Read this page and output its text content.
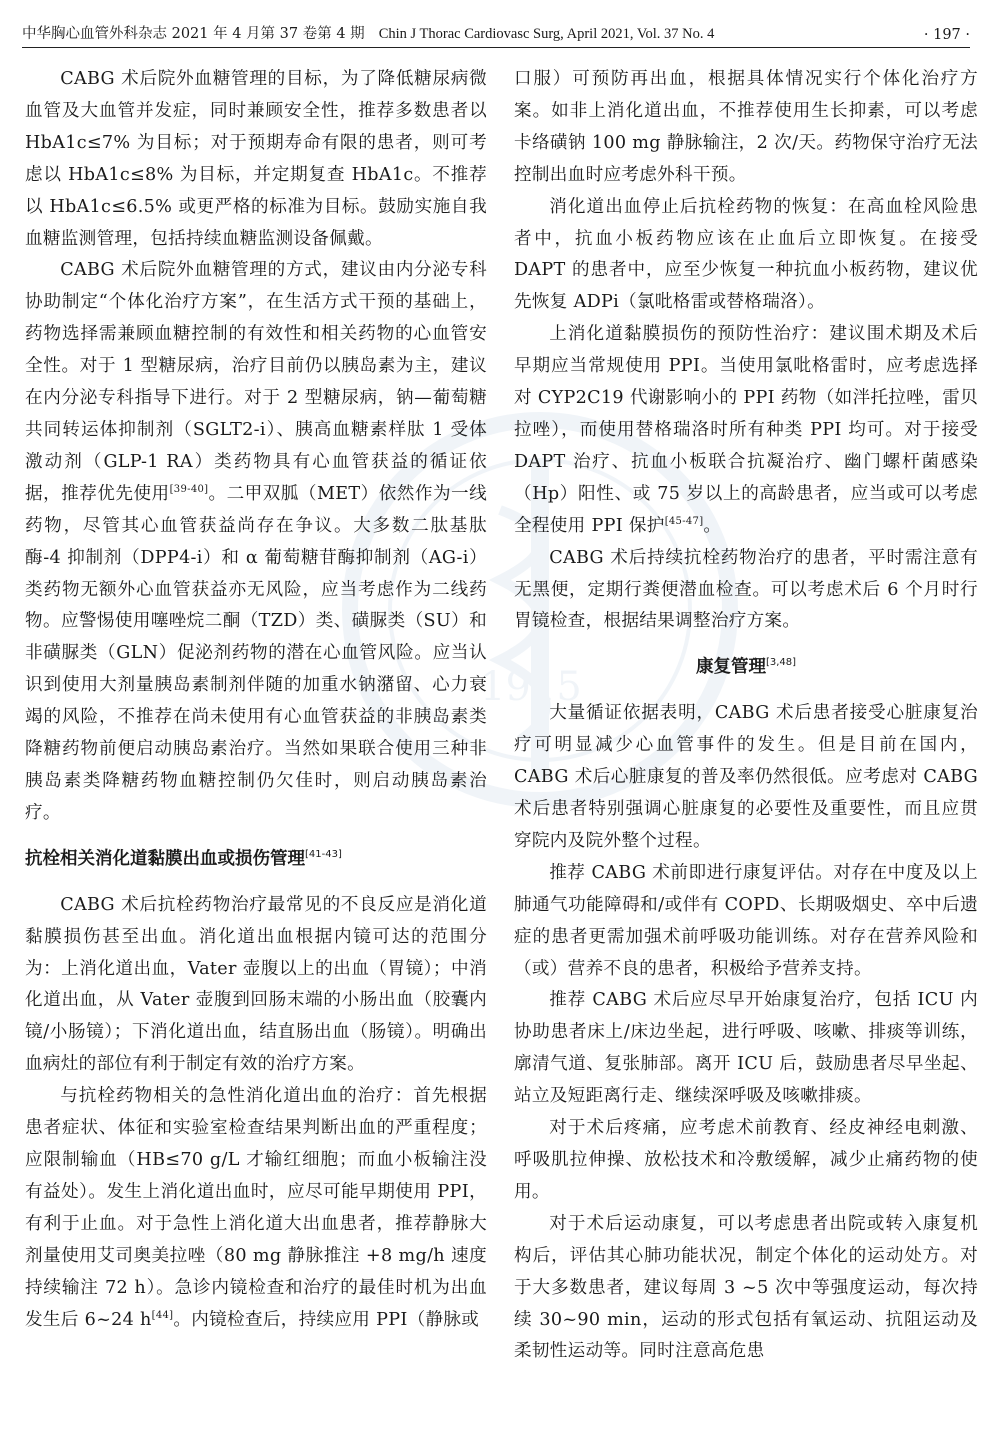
中华胸心血管外科杂志 2021 年 4 月第 37 卷第 4 期 Chin J Thorac Cardiovasc Surg, April 2021, Vol. 37 No. 4	· 197 ·
1915

CABG 术后院外血糖管理的目标，为了降低糖尿病微血管及大血管并发症，同时兼顾安全性，推荐多数患者以 HbA1c≤7% 为目标；对于预期寿命有限的患者，则可考虑以 HbA1c≤8% 为目标，并定期复查 HbA1c。不推荐以 HbA1c≤6.5% 或更严格的标准为目标。鼓励实施自我血糖监测管理，包括持续血糖监测设备佩戴。

CABG 术后院外血糖管理的方式，建议由内分泌专科协助制定“个体化治疗方案”，在生活方式干预的基础上，药物选择需兼顾血糖控制的有效性和相关药物的心血管安全性。对于 1 型糖尿病，治疗目前仍以胰岛素为主，建议在内分泌专科指导下进行。对于 2 型糖尿病，钠—葡萄糖共同转运体抑制剂（SGLT2-i）、胰高血糖素样肽 1 受体激动剂（GLP-1 RA）类药物具有心血管获益的循证依据，推荐优先使用[39-40]。二甲双胍（MET）依然作为一线药物，尽管其心血管获益尚存在争议。大多数二肽基肽酶-4 抑制剂（DPP4-i）和 α 葡萄糖苷酶抑制剂（AG-i）类药物无额外心血管获益亦无风险，应当考虑作为二线药物。应警惕使用噻唑烷二酮（TZD）类、磺脲类（SU）和非磺脲类（GLN）促泌剂药物的潜在心血管风险。应当认识到使用大剂量胰岛素制剂伴随的加重水钠潴留、心力衰竭的风险，不推荐在尚未使用有心血管获益的非胰岛素类降糖药物前便启动胰岛素治疗。当然如果联合使用三种非胰岛素类降糖药物血糖控制仍欠佳时，则启动胰岛素治疗。

抗栓相关消化道黏膜出血或损伤管理[41-43]

CABG 术后抗栓药物治疗最常见的不良反应是消化道黏膜损伤甚至出血。消化道出血根据内镜可达的范围分为：上消化道出血，Vater 壶腹以上的出血（胃镜）；中消化道出血，从 Vater 壶腹到回肠末端的小肠出血（胶囊内镜/小肠镜）；下消化道出血，结直肠出血（肠镜）。明确出血病灶的部位有利于制定有效的治疗方案。

与抗栓药物相关的急性消化道出血的治疗：首先根据患者症状、体征和实验室检查结果判断出血的严重程度；应限制输血（HB≤70 g/L 才输红细胞；而血小板输注没有益处）。发生上消化道出血时，应尽可能早期使用 PPI，有利于止血。对于急性上消化道大出血患者，推荐静脉大剂量使用艾司奥美拉唑（80 mg 静脉推注 +8 mg/h 速度持续输注 72 h）。急诊内镜检查和治疗的最佳时机为出血发生后 6~24 h[44]。内镜检查后，持续应用 PPI（静脉或

口服）可预防再出血，根据具体情况实行个体化治疗方案。如非上消化道出血，不推荐使用生长抑素，可以考虑卡络磺钠 100 mg 静脉输注，2 次/天。药物保守治疗无法控制出血时应考虑外科干预。

消化道出血停止后抗栓药物的恢复：在高血栓风险患者中，抗血小板药物应该在止血后立即恢复。在接受 DAPT 的患者中，应至少恢复一种抗血小板药物，建议优先恢复 ADPi（氯吡格雷或替格瑞洛）。

上消化道黏膜损伤的预防性治疗：建议围术期及术后早期应当常规使用 PPI。当使用氯吡格雷时，应考虑选择对 CYP2C19 代谢影响小的 PPI 药物（如泮托拉唑，雷贝拉唑），而使用替格瑞洛时所有种类 PPI 均可。对于接受 DAPT 治疗、抗血小板联合抗凝治疗、幽门螺杆菌感染（Hp）阳性、或 75 岁以上的高龄患者，应当或可以考虑全程使用 PPI 保护[45-47]。

CABG 术后持续抗栓药物治疗的患者，平时需注意有无黑便，定期行粪便潜血检查。可以考虑术后 6 个月时行胃镜检查，根据结果调整治疗方案。

康复管理[3,48]

大量循证依据表明，CABG 术后患者接受心脏康复治疗可明显减少心血管事件的发生。但是目前在国内，CABG 术后心脏康复的普及率仍然很低。应考虑对 CABG 术后患者特别强调心脏康复的必要性及重要性，而且应贯穿院内及院外整个过程。

推荐 CABG 术前即进行康复评估。对存在中度及以上肺通气功能障碍和/或伴有 COPD、长期吸烟史、卒中后遗症的患者更需加强术前呼吸功能训练。对存在营养风险和（或）营养不良的患者，积极给予营养支持。

推荐 CABG 术后应尽早开始康复治疗，包括 ICU 内协助患者床上/床边坐起，进行呼吸、咳嗽、排痰等训练，廓清气道、复张肺部。离开 ICU 后，鼓励患者尽早坐起、站立及短距离行走、继续深呼吸及咳嗽排痰。

对于术后疼痛，应考虑术前教育、经皮神经电刺激、呼吸肌拉伸操、放松技术和冷敷缓解，减少止痛药物的使用。

对于术后运动康复，可以考虑患者出院或转入康复机构后，评估其心肺功能状况，制定个体化的运动处方。对于大多数患者，建议每周 3 ~5 次中等强度运动，每次持续 30~90 min，运动的形式包括有氧运动、抗阻运动及柔韧性运动等。同时注意高危患
